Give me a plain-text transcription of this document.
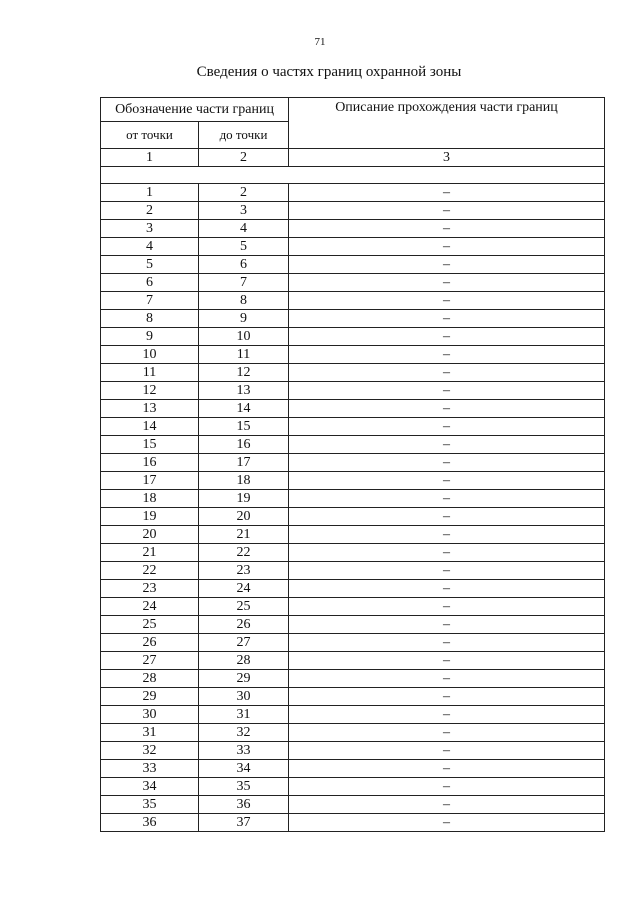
71
Сведения о частях границ охранной зоны
Обозначение части границ		Описание прохождения части границ
от точки	до точки	
1	2	3

1	2	–
2	3	–
3	4	–
4	5	–
5	6	–
6	7	–
7	8	–
8	9	–
9	10	–
10	11	–
11	12	–
12	13	–
13	14	–
14	15	–
15	16	–
16	17	–
17	18	–
18	19	–
19	20	–
20	21	–
21	22	–
22	23	–
23	24	–
24	25	–
25	26	–
26	27	–
27	28	–
28	29	–
29	30	–
30	31	–
31	32	–
32	33	–
33	34	–
34	35	–
35	36	–
36	37	–
